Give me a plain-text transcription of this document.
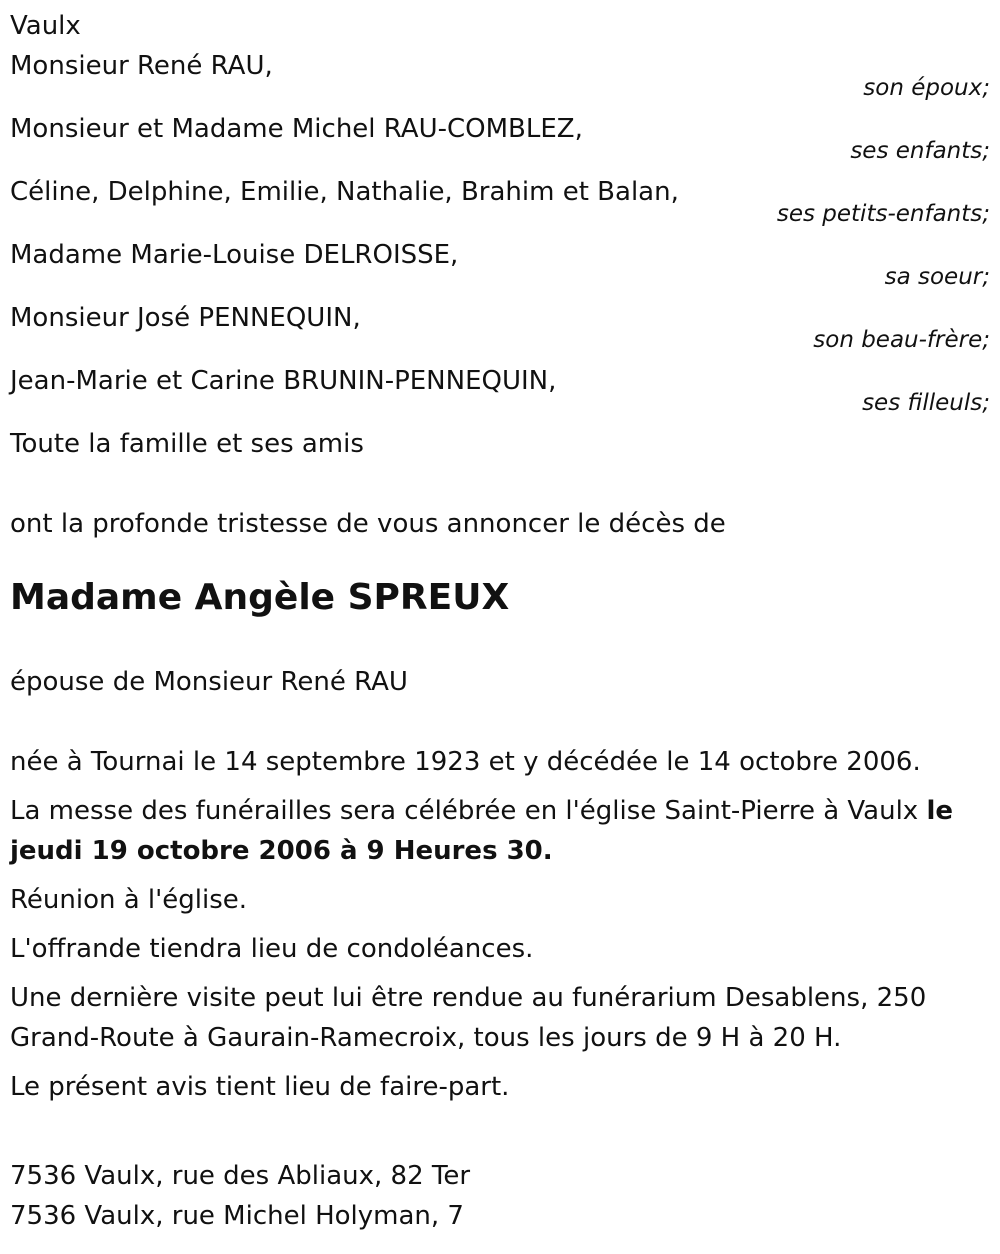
Vaulx

Monsieur René RAU,
son époux;
Monsieur et Madame Michel RAU-COMBLEZ,
ses enfants;
Céline, Delphine, Emilie, Nathalie, Brahim et Balan,
ses petits-enfants;
Madame Marie-Louise DELROISSE,
sa soeur;
Monsieur José PENNEQUIN,
son beau-frère;
Jean-Marie et Carine BRUNIN-PENNEQUIN,
ses filleuls;

Toute la famille et ses amis

ont la profonde tristesse de vous annoncer le décès de

Madame Angèle SPREUX

épouse de Monsieur René RAU

née à Tournai le 14 septembre 1923 et y décédée le 14 octobre 2006.

La messe des funérailles sera célébrée en l'église Saint-Pierre à Vaulx le jeudi 19 octobre 2006 à 9 Heures 30.

Réunion à l'église.

L'offrande tiendra lieu de condoléances.

Une dernière visite peut lui être rendue au funérarium Desablens, 250 Grand-Route à Gaurain-Ramecroix, tous les jours de 9 H à 20 H.

Le présent avis tient lieu de faire-part.

7536 Vaulx, rue des Abliaux, 82 Ter

7536 Vaulx, rue Michel Holyman, 7
